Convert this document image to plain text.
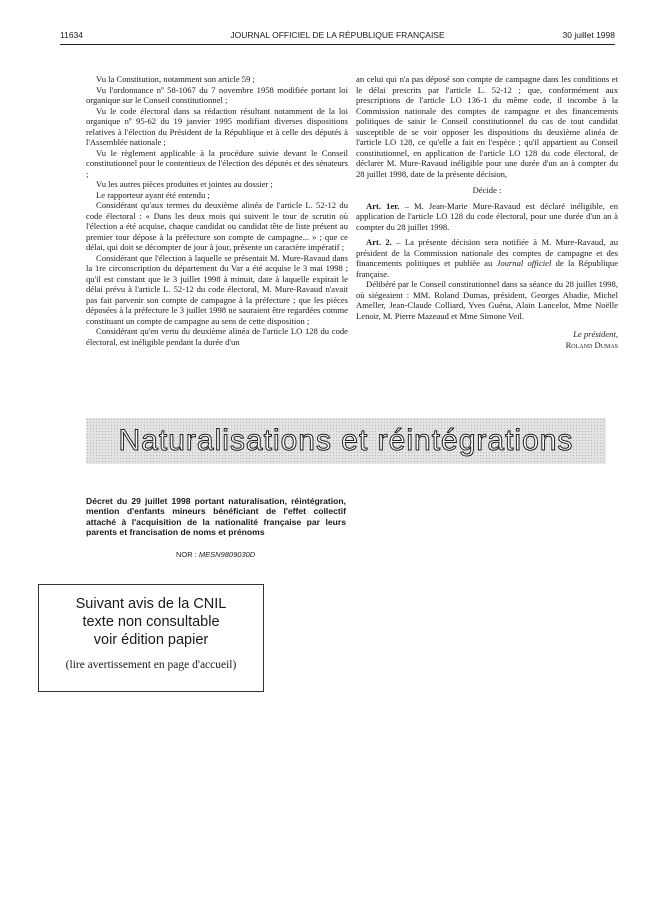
11634	JOURNAL OFFICIEL DE LA RÉPUBLIQUE FRANÇAISE	30 juillet 1998

Vu la Constitution, notamment son article 59 ;

Vu l'ordonnance nº 58-1067 du 7 novembre 1958 modifiée portant loi organique sur le Conseil constitutionnel ;

Vu le code électoral dans sa rédaction résultant notamment de la loi organique nº 95-62 du 19 janvier 1995 modifiant diverses dispositions relatives à l'élection du Président de la République et à celle des députés à l'Assemblée nationale ;

Vu le règlement applicable à la procédure suivie devant le Conseil constitutionnel pour le contentieux de l'élection des députés et des sénateurs ;

Vu les autres pièces produites et jointes au dossier ;

Le rapporteur ayant été entendu ;

Considérant qu'aux termes du deuxième alinéa de l'article L. 52-12 du code électoral : « Dans les deux mois qui suivent le tour de scrutin où l'élection a été acquise, chaque candidat ou candidat tête de liste présent au premier tour dépose à la préfecture son compte de campagne... » ; que ce délai, qui doit se décompter de jour à jour, présente un caractère impératif ;

Considérant que l'élection à laquelle se présentait M. Mure-Ravaud dans la 1re circonscription du département du Var a été acquise le 3 mai 1998 ; qu'il est constant que le 3 juillet 1998 à minuit, date à laquelle expirait le délai prévu à l'article L. 52-12 du code électoral, M. Mure-Ravaud n'avait pas fait parvenir son compte de campagne à la préfecture ; que les pièces déposées à la préfecture le 3 juillet 1998 ne sauraient être regardées comme constituant un compte de campagne au sens de cette disposition ;

Considérant qu'en vertu du deuxième alinéa de l'article LO 128 du code électoral, est inéligible pendant la durée d'un

an celui qui n'a pas déposé son compte de campagne dans les conditions et le délai prescrits par l'article L. 52-12 ; que, conformément aux prescriptions de l'article LO 136-1 du même code, il incombe à la Commission nationale des comptes de campagne et des financements politiques de saisir le Conseil constitutionnel du cas de tout candidat susceptible de se voir opposer les dispositions du deuxième alinéa de l'article LO 128, ce qu'elle a fait en l'espèce ; qu'il appartient au Conseil constitutionnel, en application de l'article LO 128 du code électoral, de déclarer M. Mure-Ravaud inéligible pour une durée d'un an à compter du 28 juillet 1998, date de la présente décision,

Décide :

Art. 1er. – M. Jean-Marie Mure-Ravaud est déclaré inéligible, en application de l'article LO 128 du code électoral, pour une durée d'un an à compter du 28 juillet 1998.

Art. 2. – La présente décision sera notifiée à M. Mure-Ravaud, au président de la Commission nationale des comptes de campagne et des financements politiques et publiée au Journal officiel de la République française.

Délibéré par le Conseil constitutionnel dans sa séance du 28 juillet 1998, où siégeaient : MM. Roland Dumas, président, Georges Abadie, Michel Ameller, Jean-Claude Colliard, Yves Guéna, Alain Lancelot, Mme Noëlle Lenoir, M. Pierre Mazeaud et Mme Simone Veil.

Le président,

Roland Dumas

Naturalisations et réintégrations
Décret du 29 juillet 1998 portant naturalisation, réintégration, mention d'enfants mineurs bénéficiant de l'effet collectif attaché à l'acquisition de la nationalité française par leurs parents et francisation de noms et prénoms
NOR : MESN9809030D
Suivant avis de la CNIL
texte non consultable
voir édition papier
(lire avertissement en page d'accueil)
